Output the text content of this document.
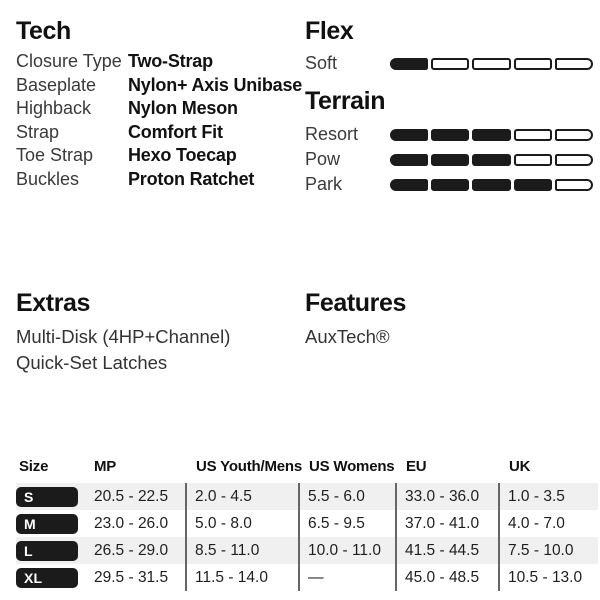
Tech
Closure Type Two-Strap
Baseplate	Nylon+ Axis Unibase
Highback	Nylon Meson
Strap	Comfort Fit
Toe Strap	Hexo Toecap
Buckles	Proton Ratchet
Flex
Soft
Terrain
Resort
Pow
Park
Extras
Multi-Disk (4HP+Channel)
Quick-Set Latches
Features
AuxTech®
Size	MP	US Youth/Mens	US Womens	EU	UK

S	20.5 - 22.5	2.0 - 4.5	5.5 - 6.0	33.0 - 36.0	1.0 - 3.5

M	23.0 - 26.0	5.0 - 8.0	6.5 - 9.5	37.0 - 41.0	4.0 - 7.0

L	26.5 - 29.0	8.5 - 11.0	10.0 - 11.0	41.5 - 44.5	7.5 - 10.0

XL	29.5 - 31.5	11.5 - 14.0	—	45.0 - 48.5	10.5 - 13.0
